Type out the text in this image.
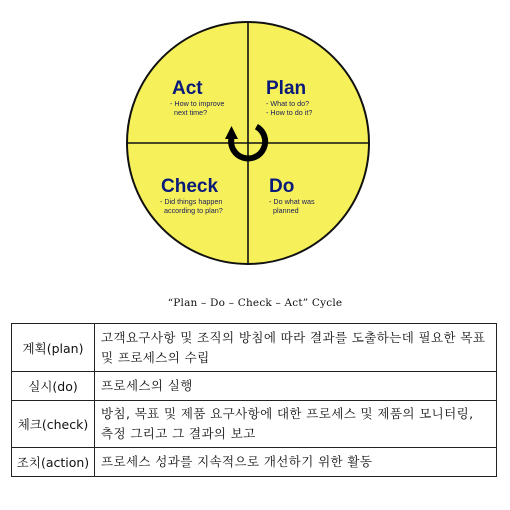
Act
- How to improve
next time?
Plan
- What to do?
- How to do it?
Check
- Did things happen
according to plan?
Do
- Do what was
planned
“Plan – Do – Check – Act” Cycle
계획(plan)	고객요구사항 및 조직의 방침에 따라 결과를 도출하는데 필요한 목표 및 프로세스의 수립
실시(do)	프로세스의 실행
체크(check)	방침, 목표 및 제품 요구사항에 대한 프로세스 및 제품의 모니터링, 측정 그리고 그 결과의 보고
조치(action)	프로세스 성과를 지속적으로 개선하기 위한 활동
